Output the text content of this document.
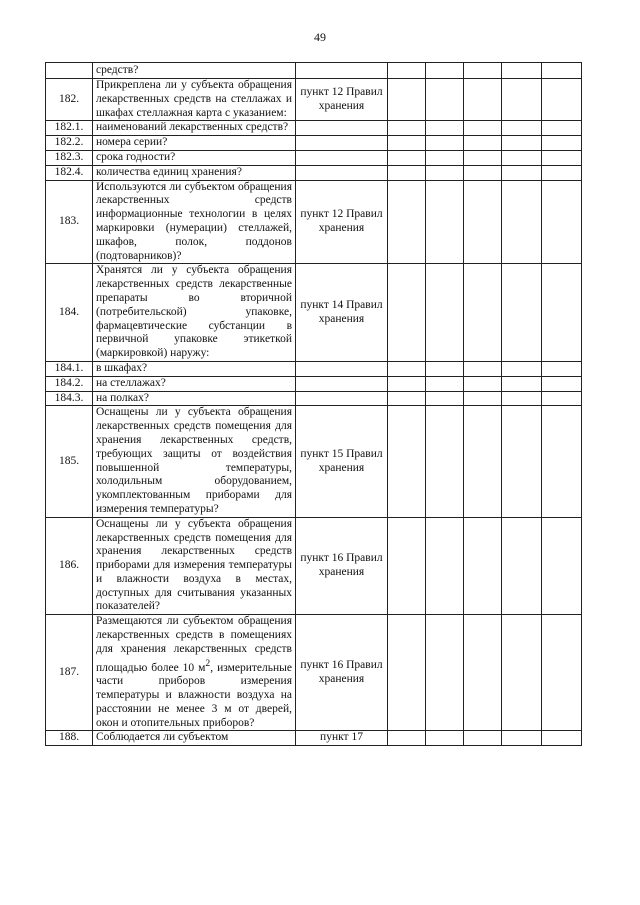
49
	средств?						
182.	Прикреплена ли у субъекта обращения лекарственных средств на стеллажах и шкафах стеллажная карта с указанием:	пункт 12 Правил хранения					
182.1.	наименований лекарственных средств?						
182.2.	номера серии?						
182.3.	срока годности?						
182.4.	количества единиц хранения?						
183.	Используются ли субъектом обращения лекарственных средств информационные технологии в целях маркировки (нумерации) стеллажей, шкафов, полок, поддонов (подтоварников)?	пункт 12 Правил хранения					
184.	Хранятся ли у субъекта обращения лекарственных средств лекарственные препараты во вторичной (потребительской) упаковке, фармацевтические субстанции в первичной упаковке этикеткой (маркировкой) наружу:	пункт 14 Правил хранения					
184.1.	в шкафах?						
184.2.	на стеллажах?						
184.3.	на полках?						
185.	Оснащены ли у субъекта обращения лекарственных средств помещения для хранения лекарственных средств, требующих защиты от воздействия повышенной температуры, холодильным оборудованием, укомплектованным приборами для измерения температуры?	пункт 15 Правил хранения					
186.	Оснащены ли у субъекта обращения лекарственных средств помещения для хранения лекарственных средств приборами для измерения температуры и влажности воздуха в местах, доступных для считывания указанных показателей?	пункт 16 Правил хранения					
187.	Размещаются ли субъектом обращения лекарственных средств в помещениях для хранения лекарственных средств площадью более 10 $м^2$, измерительные части приборов измерения температуры и влажности воздуха на расстоянии не менее 3 м от дверей, окон и отопительных приборов?	пункт 16 Правил хранения					
188.	Соблюдается ли субъектом	пункт 17					
